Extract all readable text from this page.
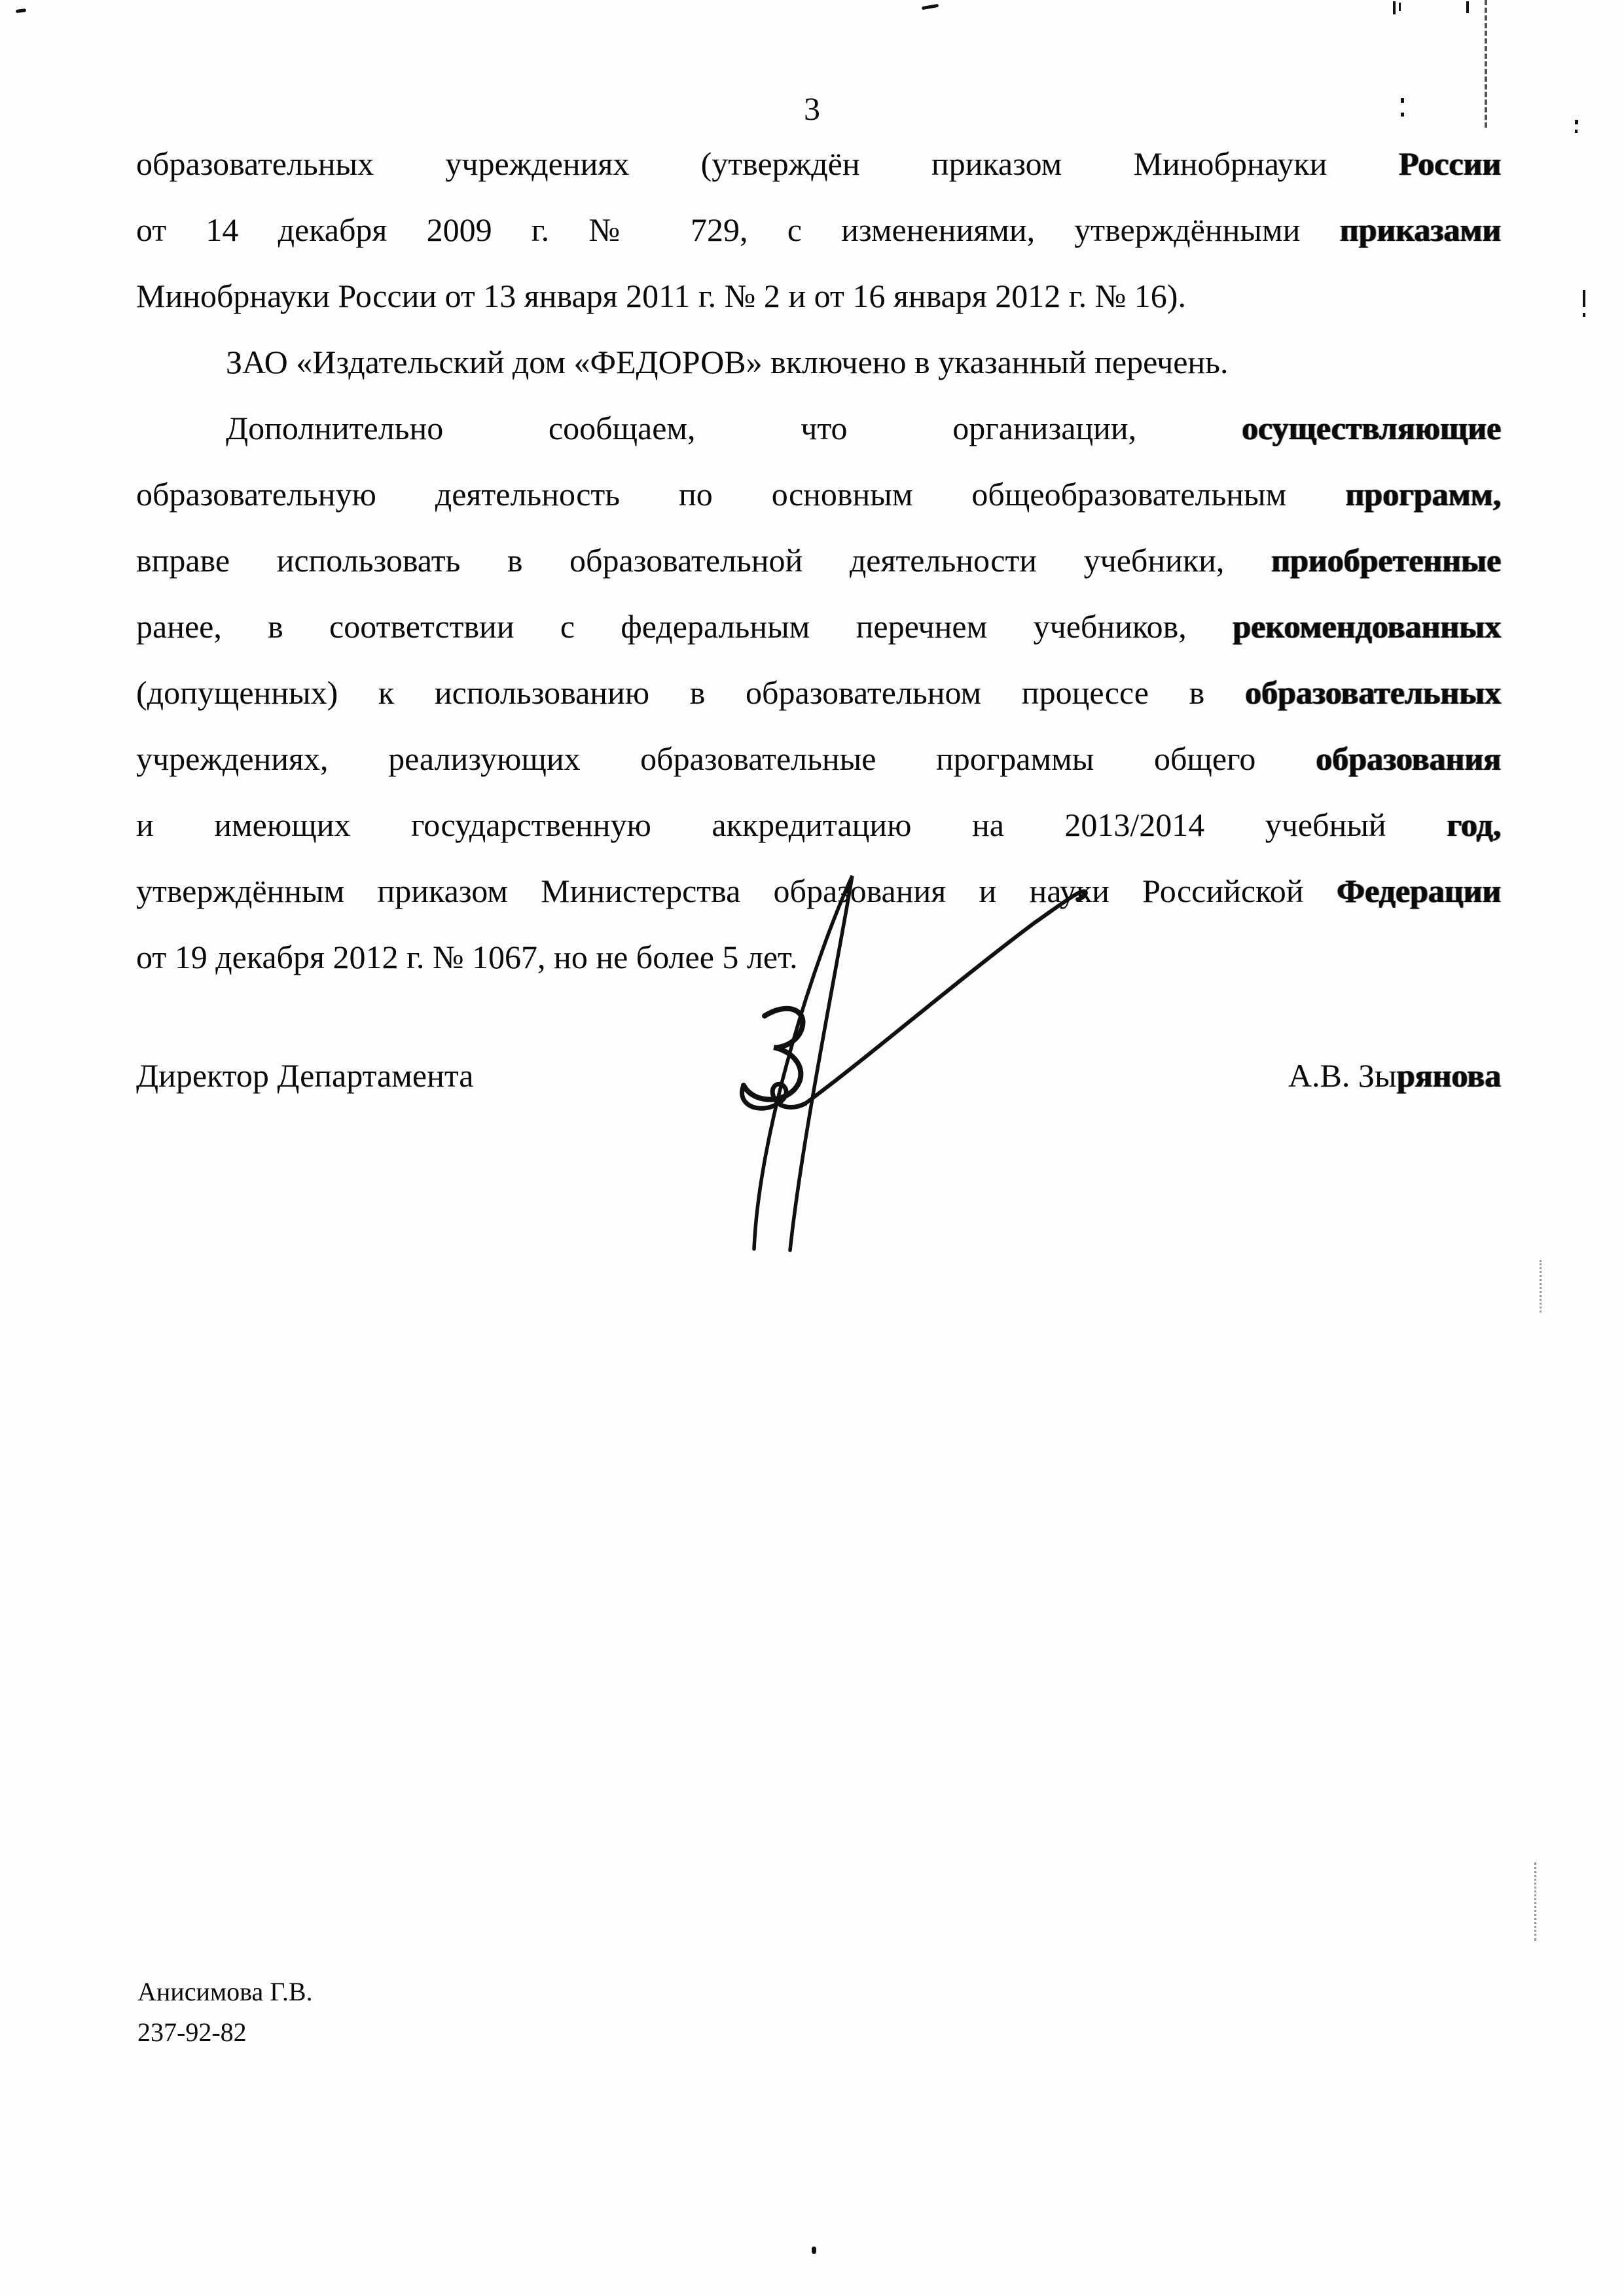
3
образовательных учреждениях (утверждён приказом Минобрнауки России
от 14 декабря 2009 г. № 729, с изменениями, утверждёнными приказами
Минобрнауки России от 13 января 2011 г. № 2 и от 16 января 2012 г. № 16).
ЗАО «Издательский дом «ФЕДОРОВ» включено в указанный перечень.
Дополнительно сообщаем, что организации,	осуществляющие
образовательную деятельность по основным общеобразовательным программ,
вправе использовать в образовательной деятельности учебники, приобретенные
ранее, в соответствии с федеральным перечнем учебников, рекомендованных
(допущенных) к использованию в образовательном процессе в образовательных
учреждениях, реализующих образовательные программы общего образования
и имеющих государственную аккредитацию на 2013/2014 учебный год,
утверждённым приказом Министерства образования и науки Российской Федерации
от 19 декабря 2012 г. № 1067, но не более 5 лет.
Директор Департамента	А.В. Зырянова
Анисимова Г.В.
237-92-82
